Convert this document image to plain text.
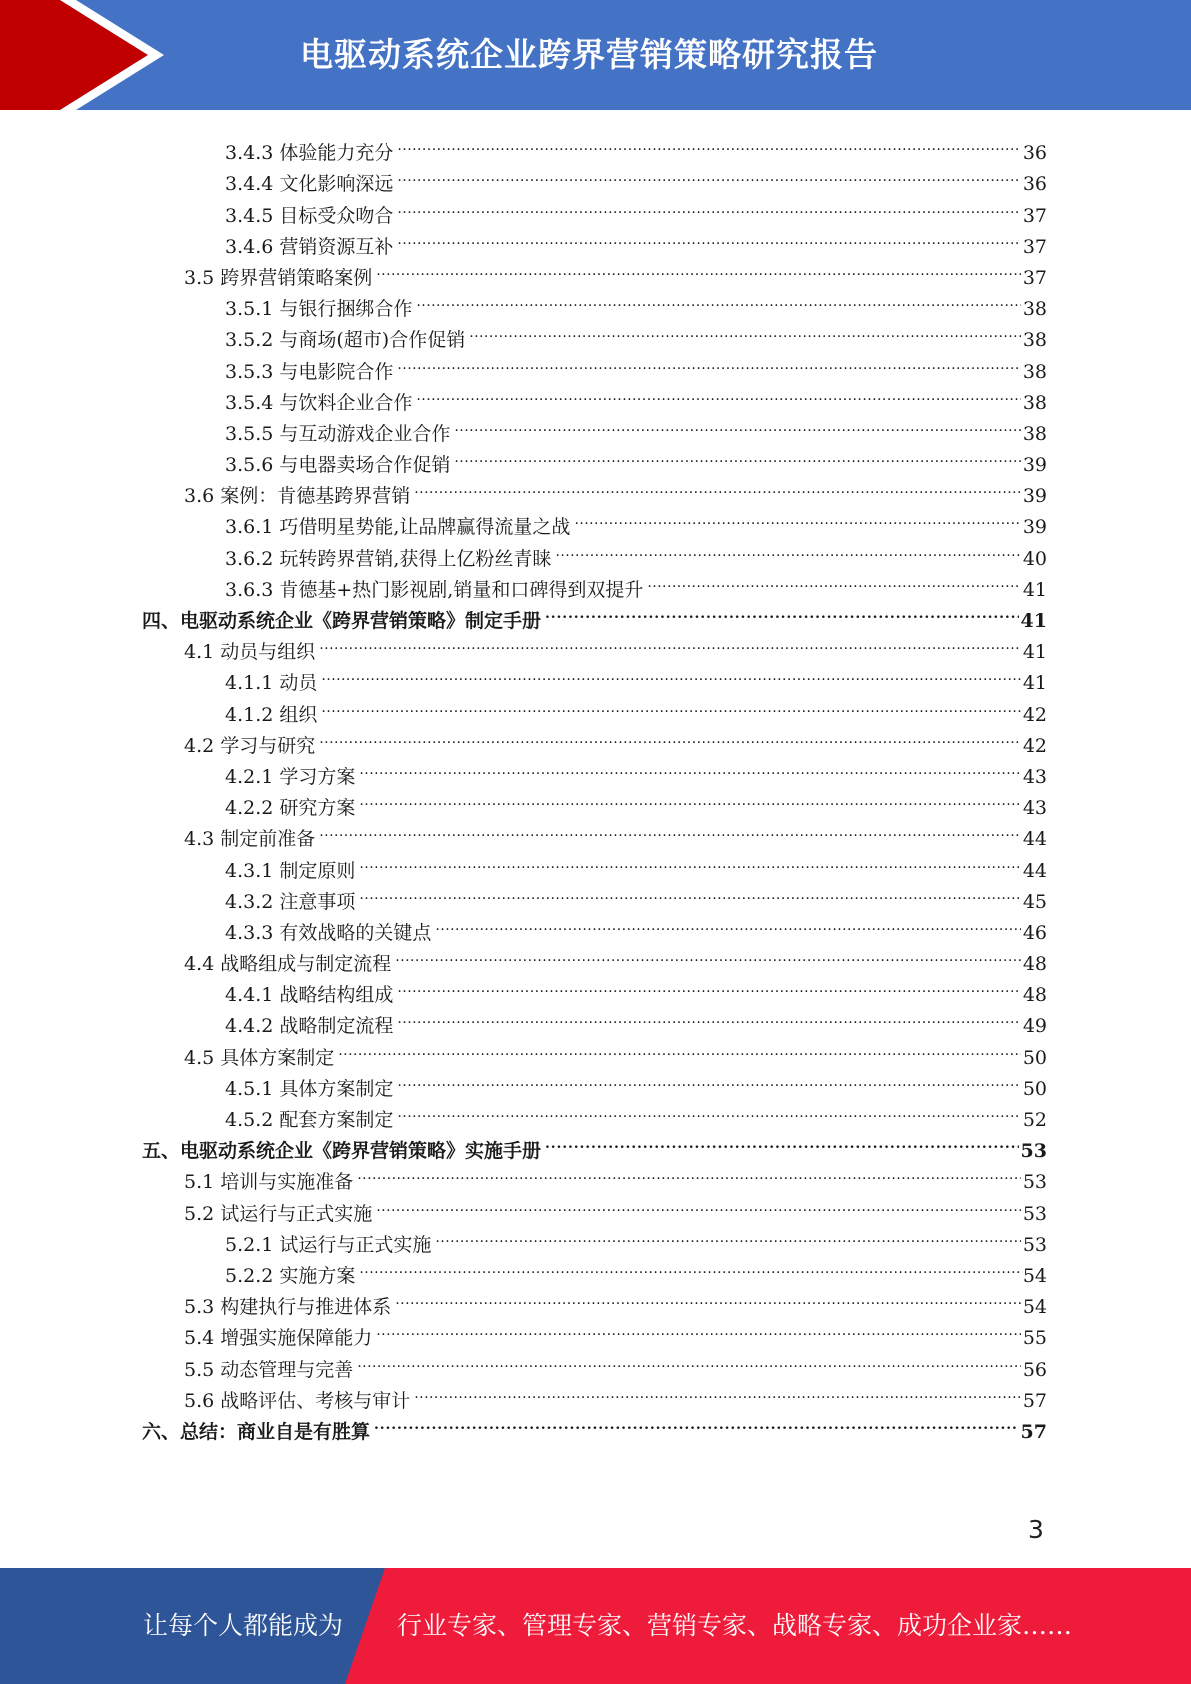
电驱动系统企业跨界营销策略研究报告
3.4.3 体验能力充分 . . .	36
3.4.4 文化影响深远 . . .	36
3.4.5 目标受众吻合 . . .	37
3.4.6 营销资源互补 . . .	37
3.5 跨界营销策略案例 . . .	37
3.5.1 与银行捆绑合作 . . .	38
3.5.2 与商场(超市)合作促销 . . .	38
3.5.3 与电影院合作 . . .	38
3.5.4 与饮料企业合作 . . .	38
3.5.5 与互动游戏企业合作 . . .	38
3.5.6 与电器卖场合作促销 . . .	39
3.6 案例：肯德基跨界营销 . . .	39
3.6.1 巧借明星势能,让品牌赢得流量之战 . . .	39
3.6.2 玩转跨界营销,获得上亿粉丝青睐 . . .	40
3.6.3 肯德基+热门影视剧,销量和口碑得到双提升 . . .	41
四、电驱动系统企业《跨界营销策略》制定手册 . . .	41
4.1 动员与组织 . . .	41
4.1.1 动员 . . .	41
4.1.2 组织 . . .	42
4.2 学习与研究 . . .	42
4.2.1 学习方案 . . .	43
4.2.2 研究方案 . . .	43
4.3 制定前准备 . . .	44
4.3.1 制定原则 . . .	44
4.3.2 注意事项 . . .	45
4.3.3 有效战略的关键点 . . .	46
4.4 战略组成与制定流程 . . .	48
4.4.1 战略结构组成 . . .	48
4.4.2 战略制定流程 . . .	49
4.5 具体方案制定 . . .	50
4.5.1 具体方案制定 . . .	50
4.5.2 配套方案制定 . . .	52
五、电驱动系统企业《跨界营销策略》实施手册 . . .	53
5.1 培训与实施准备 . . .	53
5.2 试运行与正式实施 . . .	53
5.2.1 试运行与正式实施 . . .	53
5.2.2 实施方案 . . .	54
5.3 构建执行与推进体系 . . .	54
5.4 增强实施保障能力 . . .	55
5.5 动态管理与完善 . . .	56
5.6 战略评估、考核与审计 . . .	57
六、总结：商业自是有胜算 . . .	57
3
让每个人都能成为 行业专家、管理专家、营销专家、战略专家、成功企业家……
